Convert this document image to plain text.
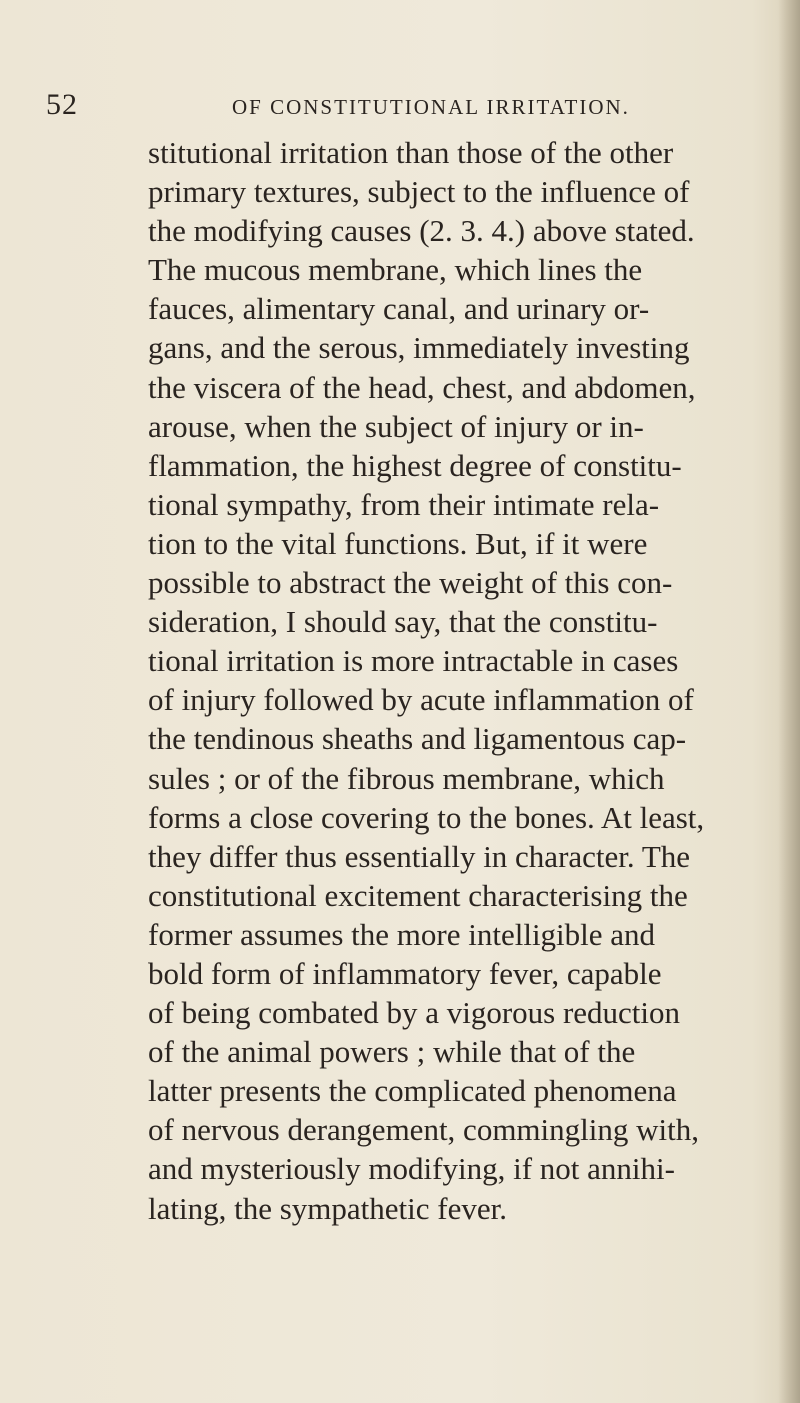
52	OF CONSTITUTIONAL IRRITATION.
stitutional irritation than those of the other
primary textures, subject to the influence of
the modifying causes (2. 3. 4.) above stated.
The mucous membrane, which lines the
fauces, alimentary canal, and urinary or-
gans, and the serous, immediately investing
the viscera of the head, chest, and abdomen,
arouse, when the subject of injury or in-
flammation, the highest degree of constitu-
tional sympathy, from their intimate rela-
tion to the vital functions. But, if it were
possible to abstract the weight of this con-
sideration, I should say, that the constitu-
tional irritation is more intractable in cases
of injury followed by acute inflammation of
the tendinous sheaths and ligamentous cap-
sules ; or of the fibrous membrane, which
forms a close covering to the bones. At least,
they differ thus essentially in character. The
constitutional excitement characterising the
former assumes the more intelligible and
bold form of inflammatory fever, capable
of being combated by a vigorous reduction
of the animal powers ; while that of the
latter presents the complicated phenomena
of nervous derangement, commingling with,
and mysteriously modifying, if not annihi-
lating, the sympathetic fever.
